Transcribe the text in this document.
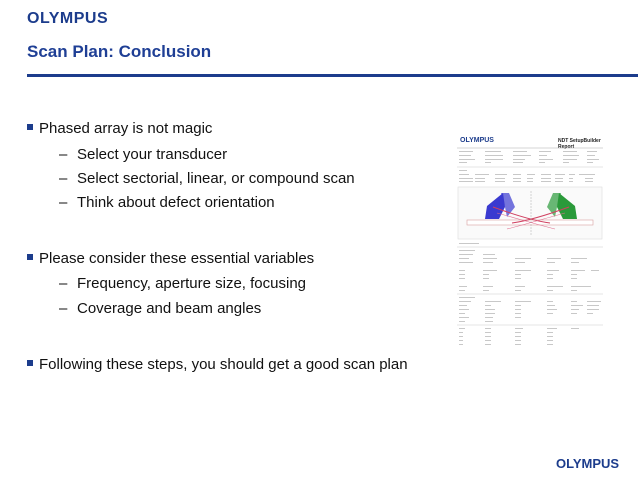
OLYMPUS
Scan Plan: Conclusion
Phased array is not magic
– Select your transducer
– Select sectorial, linear, or compound scan
– Think about defect orientation
Please consider these essential variables
– Frequency, aperture size, focusing
– Coverage and beam angles
Following these steps, you should get a good scan plan
OLYMPUS	NDT SetupBuilder Report
OLYMPUS
